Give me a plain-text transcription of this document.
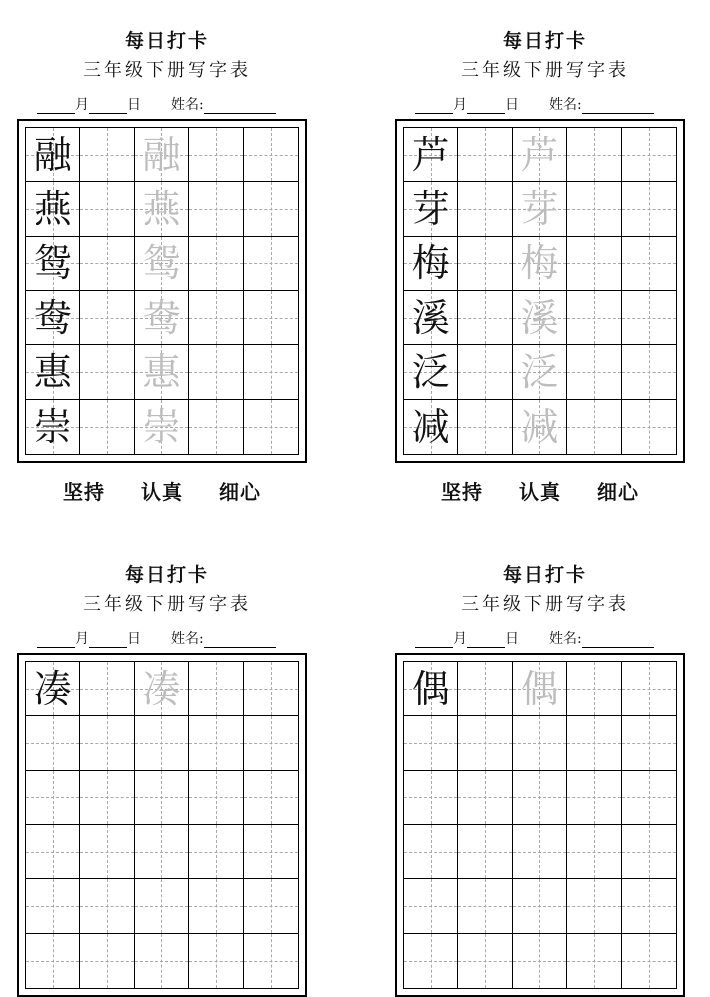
每日打卡
三年级下册写字表
月	日 姓名:
融 融
燕 燕
鸳 鸳
鸯 鸯
惠 惠
崇 崇
坚持 认真 细心
每日打卡
三年级下册写字表
月	日 姓名:
芦 芦
芽 芽
梅 梅
溪 溪
泛 泛
减 减
坚持 认真 细心
每日打卡
三年级下册写字表
月	日 姓名:
凑 凑
每日打卡
三年级下册写字表
月	日 姓名:
偶 偶
